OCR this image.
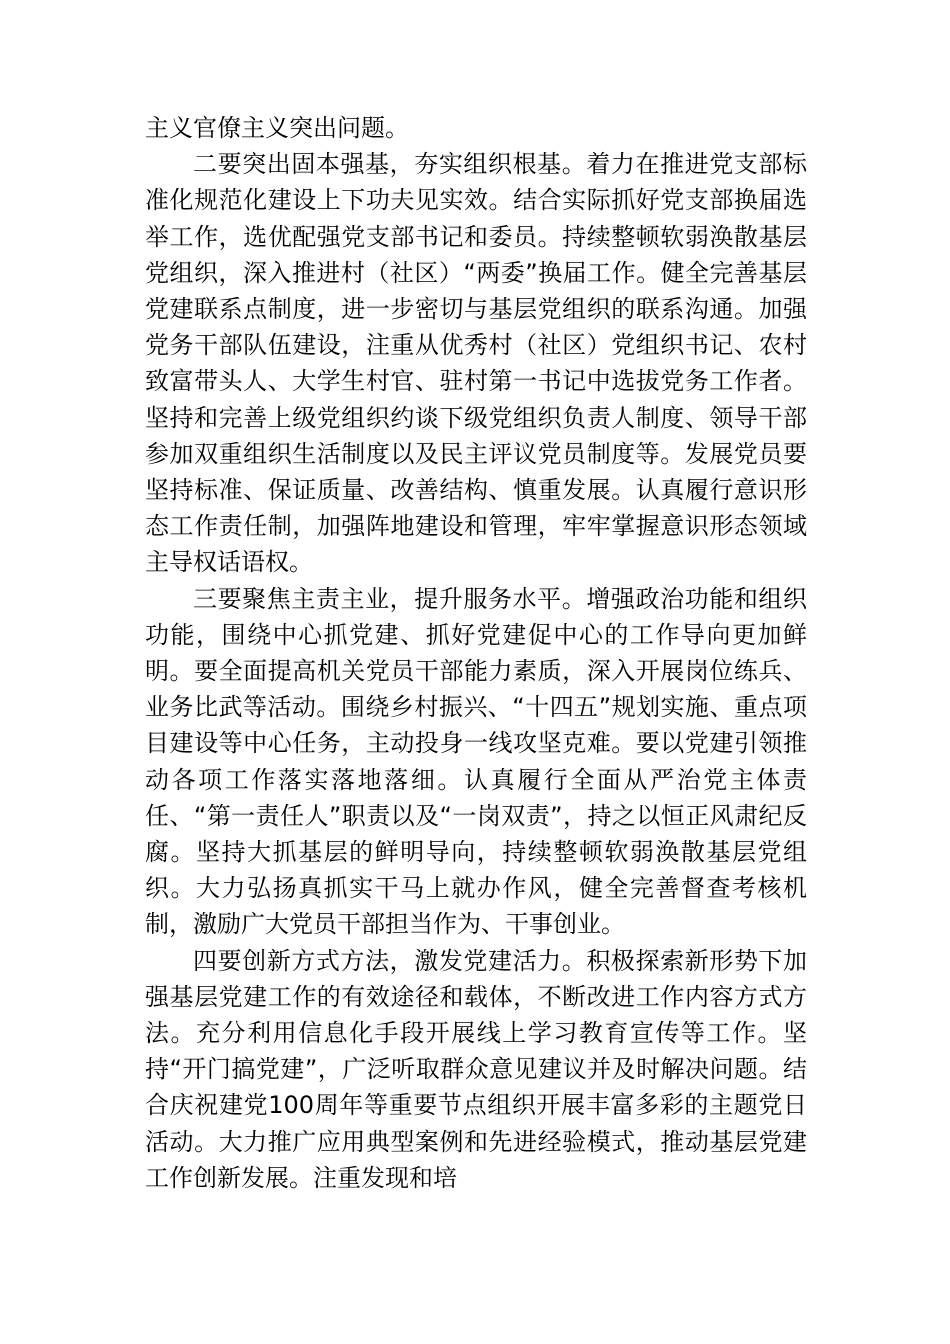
主义官僚主义突出问题。

二要突出固本强基，夯实组织根基。着力在推进党支部标准化规范化建设上下功夫见实效。结合实际抓好党支部换届选举工作，选优配强党支部书记和委员。持续整顿软弱涣散基层党组织，深入推进村（社区）“两委”换届工作。健全完善基层党建联系点制度，进一步密切与基层党组织的联系沟通。加强党务干部队伍建设，注重从优秀村（社区）党组织书记、农村致富带头人、大学生村官、驻村第一书记中选拔党务工作者。坚持和完善上级党组织约谈下级党组织负责人制度、领导干部参加双重组织生活制度以及民主评议党员制度等。发展党员要坚持标准、保证质量、改善结构、慎重发展。认真履行意识形态工作责任制，加强阵地建设和管理，牢牢掌握意识形态领域主导权话语权。

三要聚焦主责主业，提升服务水平。增强政治功能和组织功能，围绕中心抓党建、抓好党建促中心的工作导向更加鲜明。要全面提高机关党员干部能力素质，深入开展岗位练兵、业务比武等活动。围绕乡村振兴、“十四五”规划实施、重点项目建设等中心任务，主动投身一线攻坚克难。要以党建引领推动各项工作落实落地落细。认真履行全面从严治党主体责任、“第一责任人”职责以及“一岗双责”，持之以恒正风肃纪反腐。坚持大抓基层的鲜明导向，持续整顿软弱涣散基层党组织。大力弘扬真抓实干马上就办作风，健全完善督查考核机制，激励广大党员干部担当作为、干事创业。

四要创新方式方法，激发党建活力。积极探索新形势下加强基层党建工作的有效途径和载体，不断改进工作内容方式方法。充分利用信息化手段开展线上学习教育宣传等工作。坚持“开门搞党建”，广泛听取群众意见建议并及时解决问题。结合庆祝建党100周年等重要节点组织开展丰富多彩的主题党日活动。大力推广应用典型案例和先进经验模式，推动基层党建工作创新发展。注重发现和培
